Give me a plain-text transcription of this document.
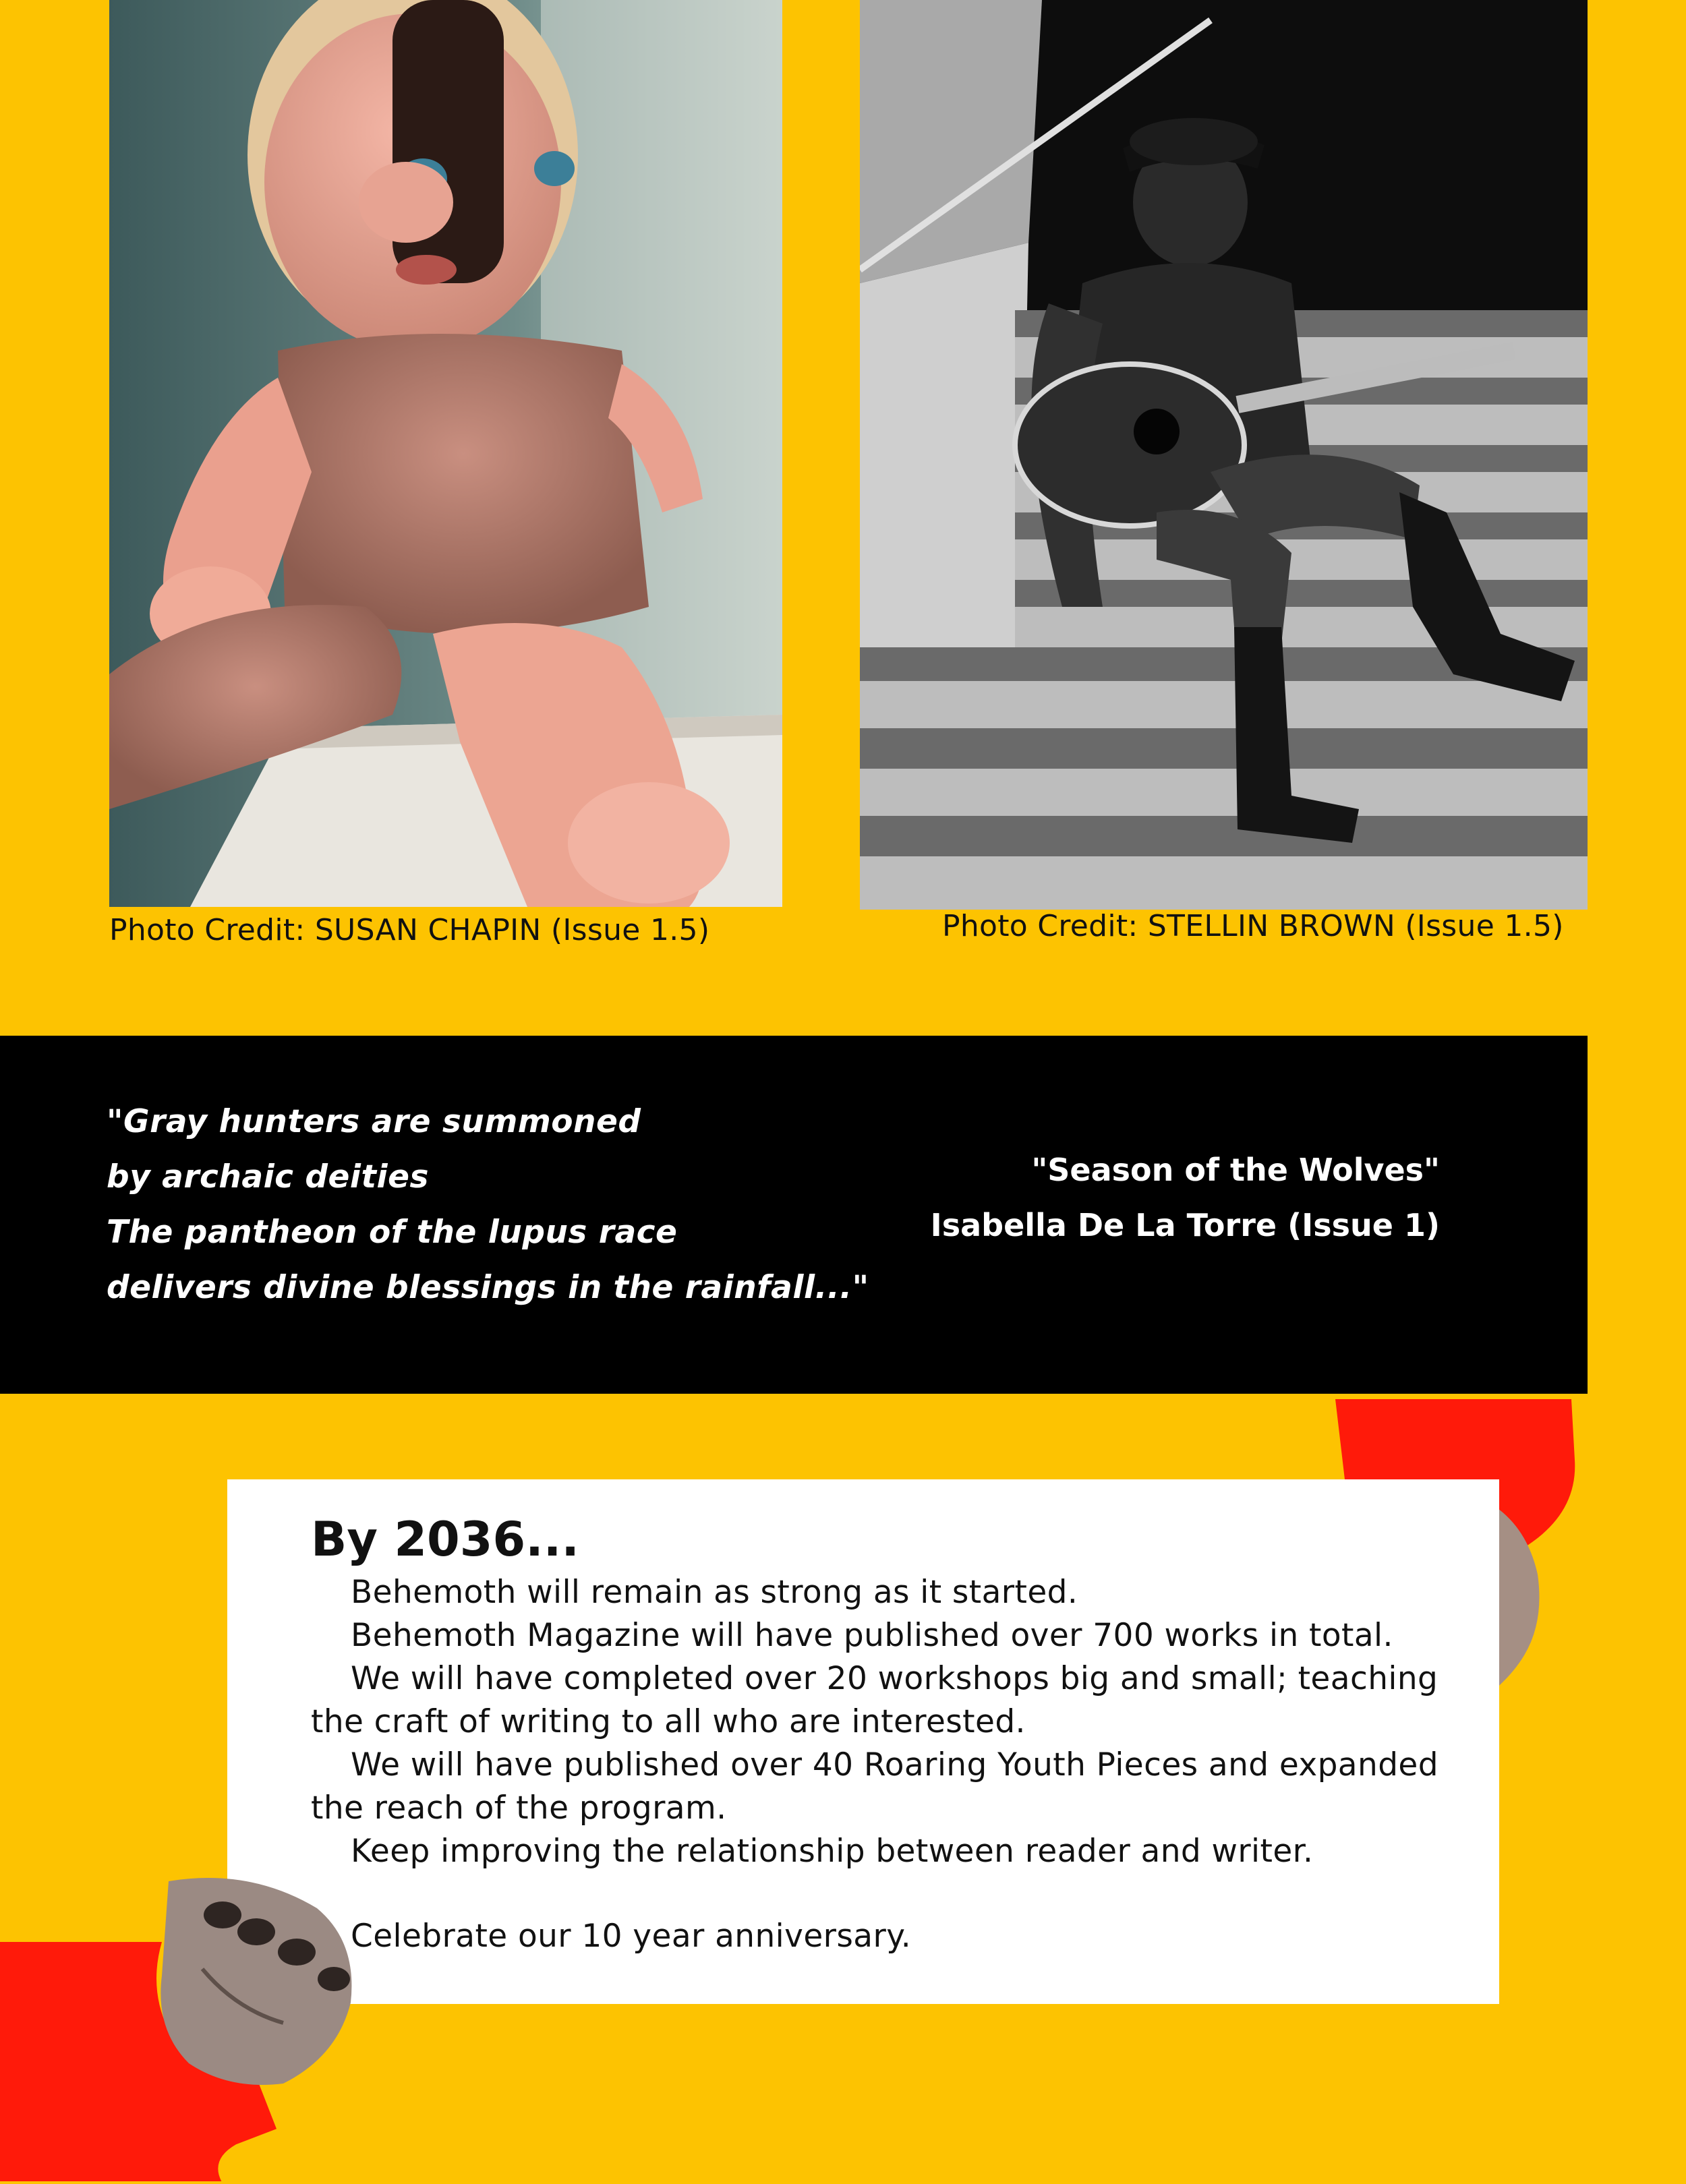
Photo Credit: SUSAN CHAPIN (Issue 1.5)	Photo Credit: STELLIN BROWN (Issue 1.5)
"Gray hunters are summoned
by archaic deities
The pantheon of the lupus race
delivers divine blessings in the rainfall..."
"Season of the Wolves"
Isabella De La Torre (Issue 1)
By 2036...
Behemoth will remain as strong as it started.
Behemoth Magazine will have published over 700 works in total.
We will have completed over 20 workshops big and small; teaching
the craft of writing to all who are interested.
We will have published over 40 Roaring Youth Pieces and expanded
the reach of the program.
Keep improving the relationship between reader and writer.
Celebrate our 10 year anniversary.
